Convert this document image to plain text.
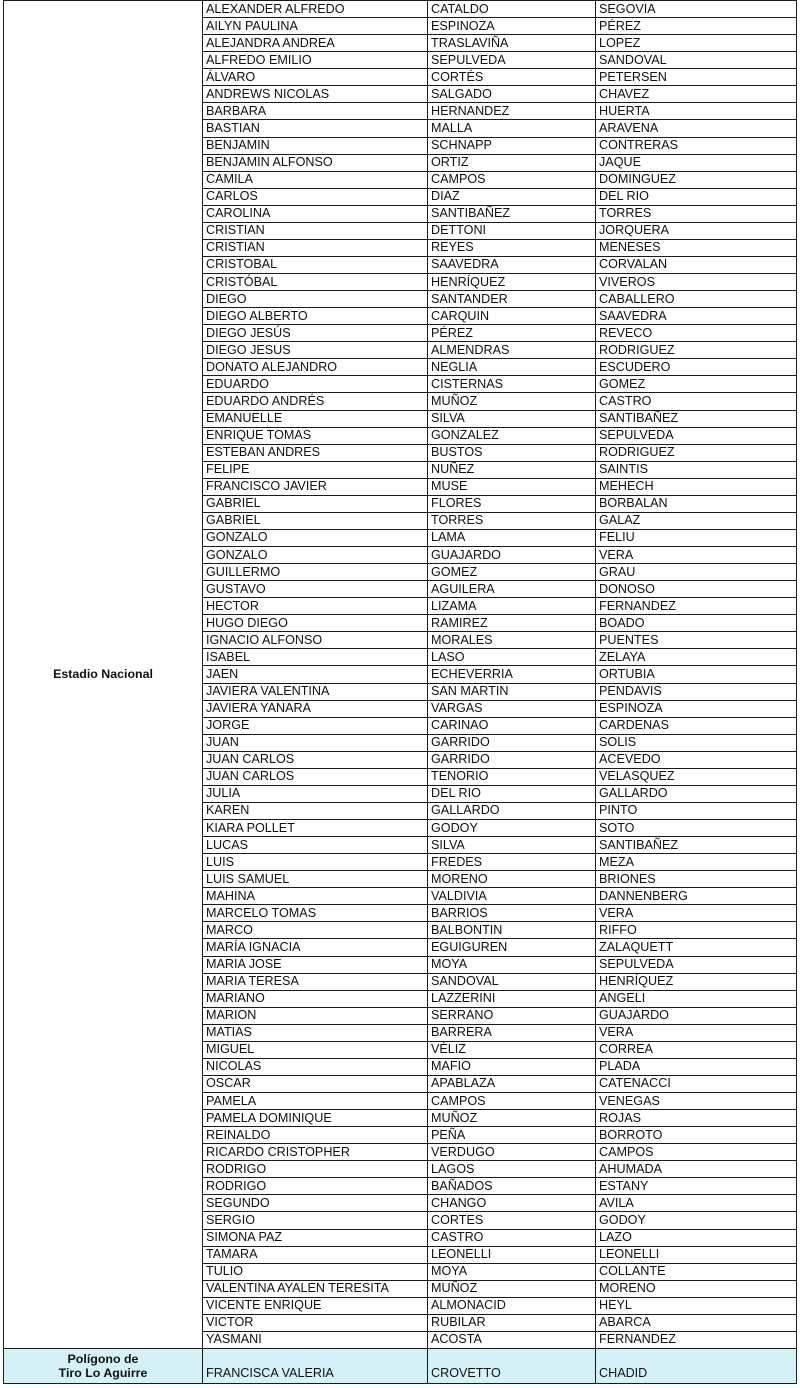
Estadio Nacional	ALEXANDER ALFREDO	CATALDO	SEGOVIA
	AILYN PAULINA	ESPINOZA	PÉREZ
	ALEJANDRA ANDREA	TRASLAVIÑA	LOPEZ
	ALFREDO EMILIO	SEPULVEDA	SANDOVAL
	ÁLVARO	CORTÉS	PETERSEN
	ANDREWS NICOLAS	SALGADO	CHAVEZ
	BARBARA	HERNANDEZ	HUERTA
	BASTIAN	MALLA	ARAVENA
	BENJAMIN	SCHNAPP	CONTRERAS
	BENJAMIN ALFONSO	ORTIZ	JAQUE
	CAMILA	CAMPOS	DOMINGUEZ
	CARLOS	DIAZ	DEL RIO
	CAROLINA	SANTIBAÑEZ	TORRES
	CRISTIAN	DETTONI	JORQUERA
	CRISTIAN	REYES	MENESES
	CRISTOBAL	SAAVEDRA	CORVALAN
	CRISTÓBAL	HENRÍQUEZ	VIVEROS
	DIEGO	SANTANDER	CABALLERO
	DIEGO ALBERTO	CARQUIN	SAAVEDRA
	DIEGO JESÚS	PÉREZ	REVECO
	DIEGO JESUS	ALMENDRAS	RODRIGUEZ
	DONATO ALEJANDRO	NEGLIA	ESCUDERO
	EDUARDO	CISTERNAS	GOMEZ
	EDUARDO ANDRÉS	MUÑOZ	CASTRO
	EMANUELLE	SILVA	SANTIBAÑEZ
	ENRIQUE TOMAS	GONZALEZ	SEPULVEDA
	ESTEBAN ANDRES	BUSTOS	RODRIGUEZ
	FELIPE	NUÑEZ	SAINTIS
	FRANCISCO JAVIER	MUSE	MEHECH
	GABRIEL	FLORES	BORBALAN
	GABRIEL	TORRES	GALAZ
	GONZALO	LAMA	FELIU
	GONZALO	GUAJARDO	VERA
	GUILLERMO	GOMEZ	GRAU
	GUSTAVO	AGUILERA	DONOSO
	HECTOR	LIZAMA	FERNANDEZ
	HUGO DIEGO	RAMIREZ	BOADO
	IGNACIO ALFONSO	MORALES	PUENTES
	ISABEL	LASO	ZELAYA
	JAEN	ECHEVERRIA	ORTUBIA
	JAVIERA VALENTINA	SAN MARTIN	PENDAVIS
	JAVIERA YANARA	VARGAS	ESPINOZA
	JORGE	CARINAO	CARDENAS
	JUAN	GARRIDO	SOLIS
	JUAN CARLOS	GARRIDO	ACEVEDO
	JUAN CARLOS	TENORIO	VELASQUEZ
	JULIA	DEL RIO	GALLARDO
	KAREN	GALLARDO	PINTO
	KIARA POLLET	GODOY	SOTO
	LUCAS	SILVA	SANTIBAÑEZ
	LUIS	FREDES	MEZA
	LUIS SAMUEL	MORENO	BRIONES
	MAHINA	VALDIVIA	DANNENBERG
	MARCELO TOMAS	BARRIOS	VERA
	MARCO	BALBONTIN	RIFFO
	MARÍA IGNACIA	EGUIGUREN	ZALAQUETT
	MARIA JOSE	MOYA	SEPULVEDA
	MARIA TERESA	SANDOVAL	HENRÍQUEZ
	MARIANO	LAZZERINI	ANGELI
	MARION	SERRANO	GUAJARDO
	MATIAS	BARRERA	VERA
	MIGUEL	VÉLIZ	CORREA
	NICOLAS	MAFIO	PLADA
	OSCAR	APABLAZA	CATENACCI
	PAMELA	CAMPOS	VENEGAS
	PAMELA DOMINIQUE	MUÑOZ	ROJAS
	REINALDO	PEÑA	BORROTO
	RICARDO CRISTOPHER	VERDUGO	CAMPOS
	RODRIGO	LAGOS	AHUMADA
	RODRIGO	BAÑADOS	ESTANY
	SEGUNDO	CHANGO	AVILA
	SERGIO	CORTES	GODOY
	SIMONA PAZ	CASTRO	LAZO
	TAMARA	LEONELLI	LEONELLI
	TULIO	MOYA	COLLANTE
	VALENTINA AYALEN TERESITA	MUÑOZ	MORENO
	VICENTE ENRIQUE	ALMONACID	HEYL
	VICTOR	RUBILAR	ABARCA
	YASMANI	ACOSTA	FERNANDEZ

Polígono de
Tiro Lo Aguirre	FRANCISCA VALERIA	CROVETTO	CHADID
